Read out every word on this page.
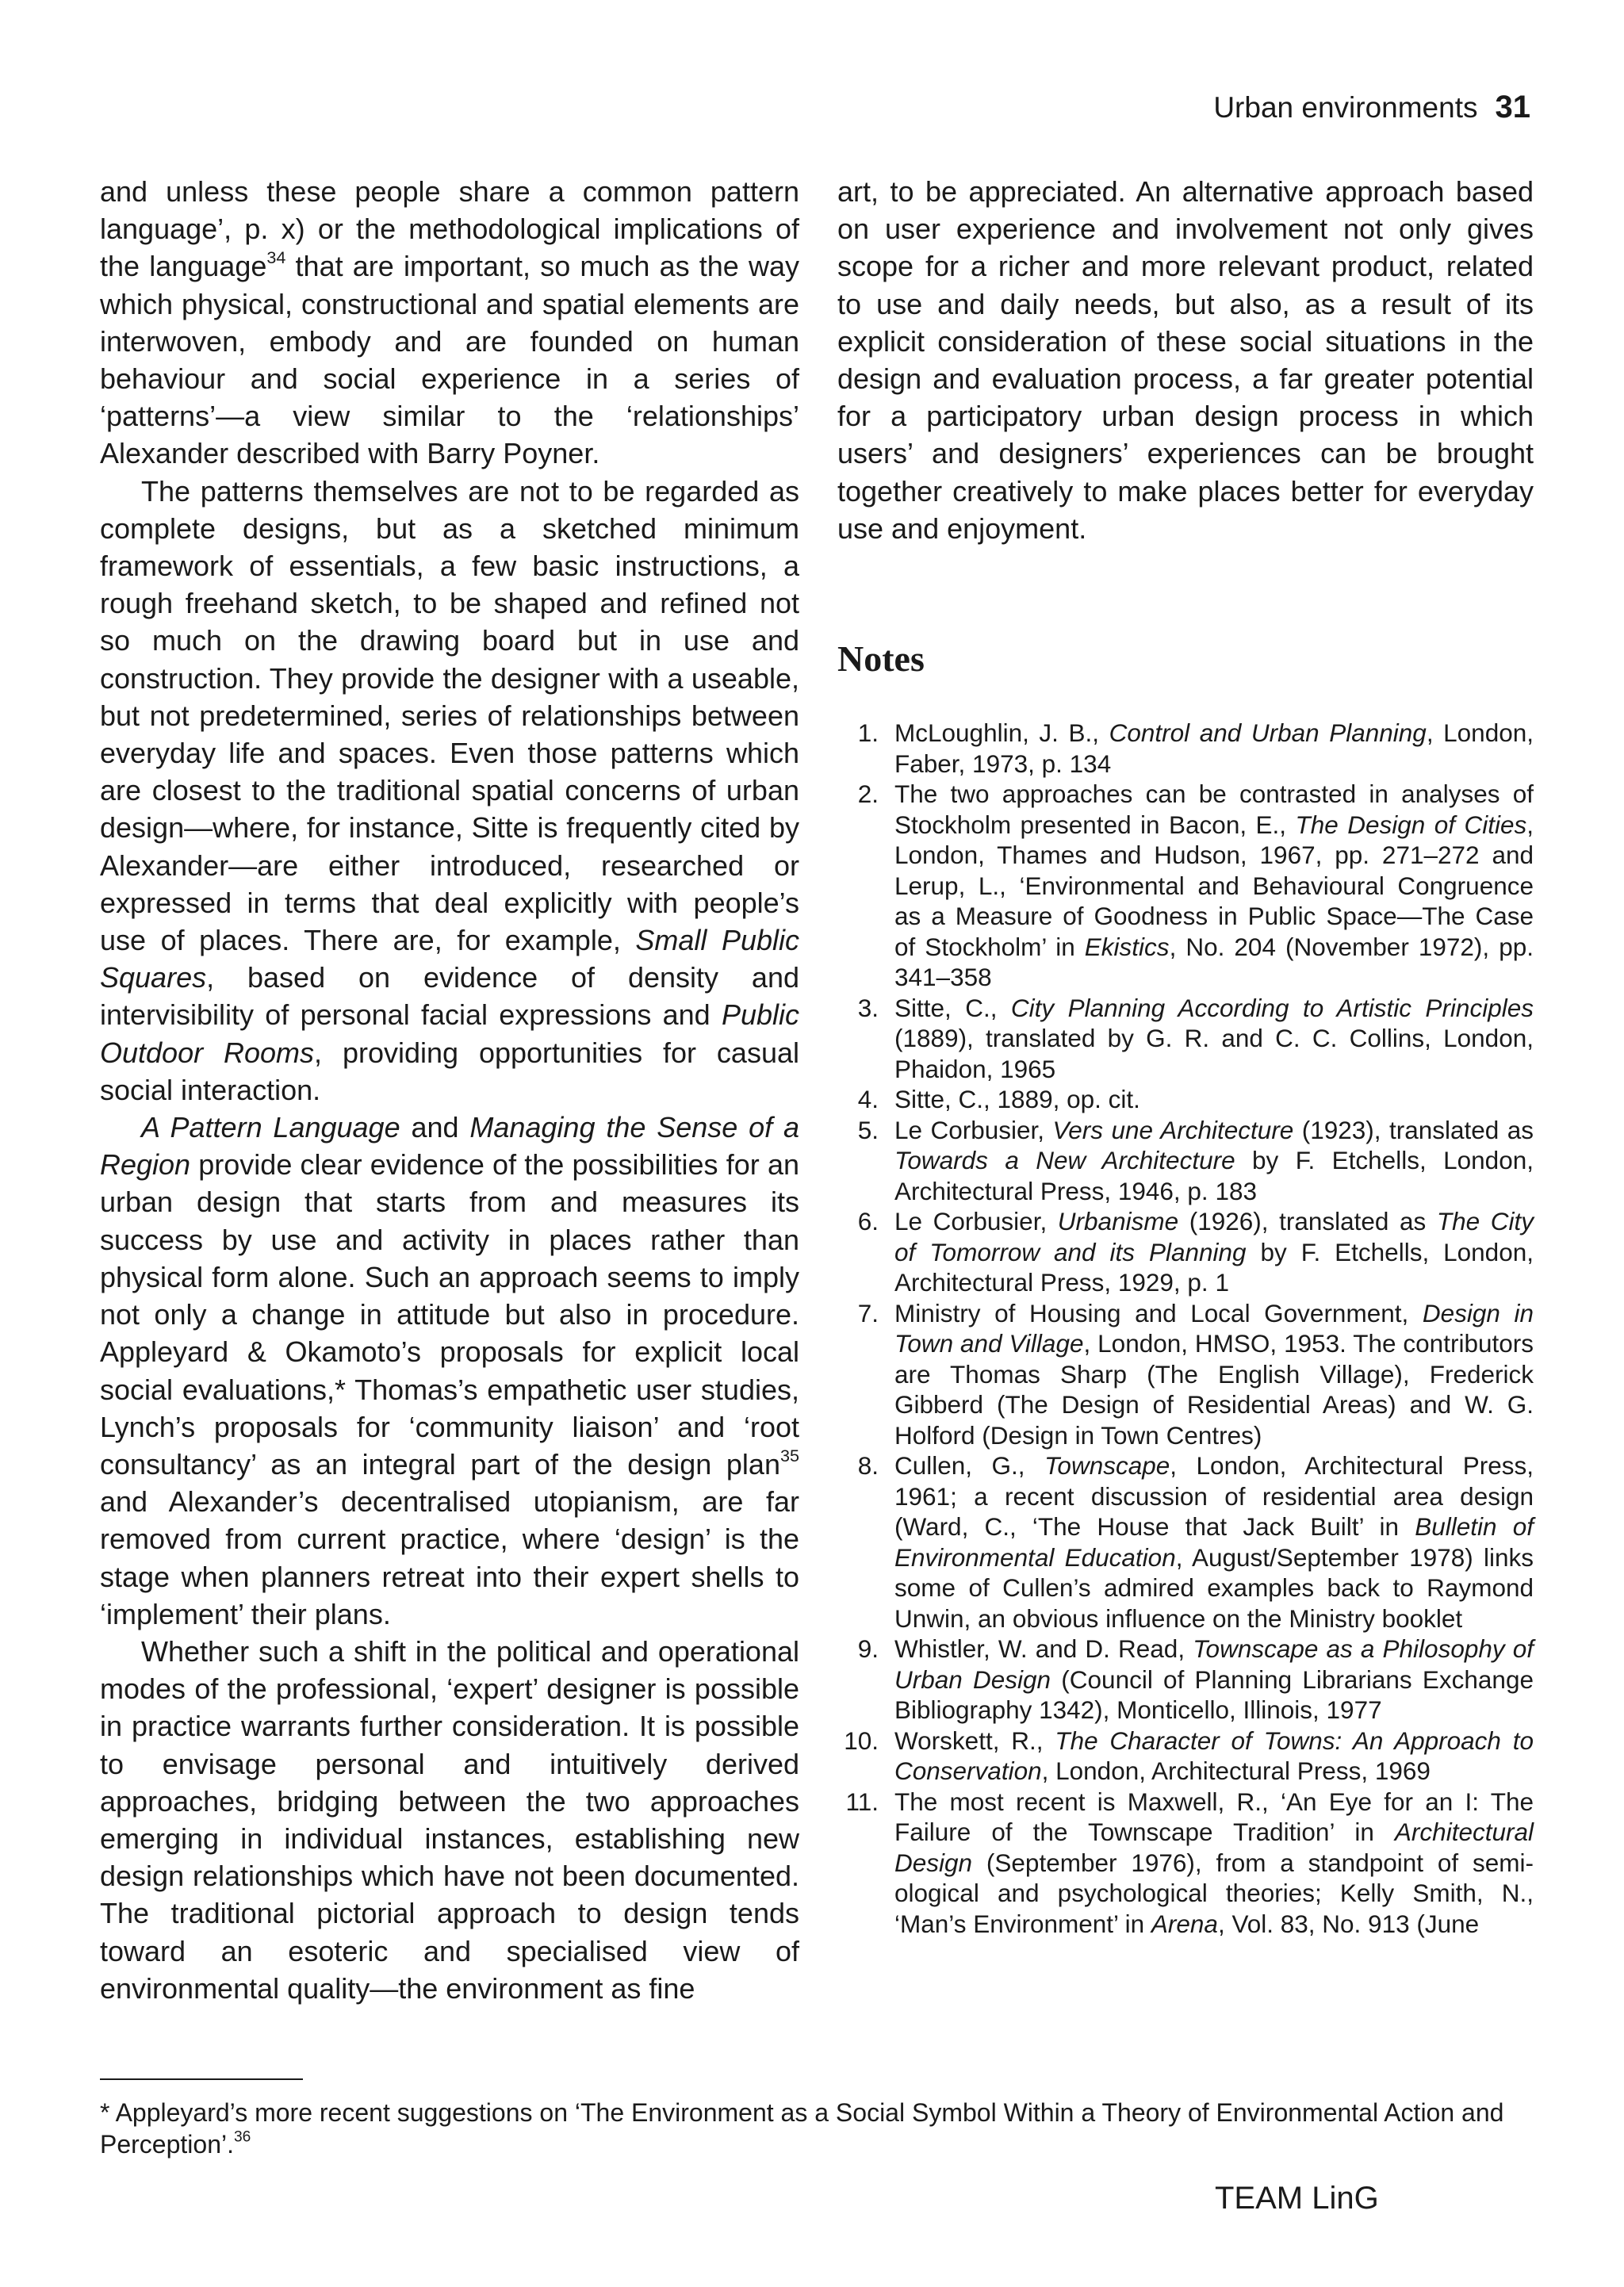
Urban environments 31

and unless these people share a common pattern language’, p. x) or the methodological implications of the language$^{34}$ that are important, so much as the way which physical, constructional and spatial elements are interwoven, embody and are founded on human behaviour and social experience in a series of ‘patterns’—a view similar to the ‘relationships’ Alexander described with Barry Poyner.

The patterns themselves are not to be regarded as complete designs, but as a sketched minimum framework of essentials, a few basic instructions, a rough freehand sketch, to be shaped and refined not so much on the drawing board but in use and construction. They provide the designer with a useable, but not predetermined, series of relationships between everyday life and spaces. Even those patterns which are closest to the traditional spatial concerns of urban design—where, for instance, Sitte is frequently cited by Alexander—are either introduced, researched or expressed in terms that deal explicitly with people’s use of places. There are, for example, Small Public Squares, based on evidence of density and intervisibility of personal facial expressions and Public Outdoor Rooms, providing opportunities for casual social interaction.

A Pattern Language and Managing the Sense of a Region provide clear evidence of the possibilities for an urban design that starts from and measures its success by use and activity in places rather than physical form alone. Such an approach seems to imply not only a change in attitude but also in procedure. Appleyard & Okamoto’s proposals for explicit local social evaluations,* Thomas’s empathetic user studies, Lynch’s proposals for ‘community liaison’ and ‘root consultancy’ as an integral part of the design plan$^{35}$ and Alexander’s decentralised utopianism, are far removed from current practice, where ‘design’ is the stage when planners retreat into their expert shells to ‘implement’ their plans.

Whether such a shift in the political and operational modes of the professional, ‘expert’ designer is possible in practice warrants further consideration. It is possible to envisage personal and intuitively derived approaches, bridging between the two approaches emerging in individual instances, establishing new design relationships which have not been documented. The traditional pictorial approach to design tends toward an esoteric and specialised view of environmental quality—the environment as fine

art, to be appreciated. An alternative approach based on user experience and involvement not only gives scope for a richer and more relevant product, related to use and daily needs, but also, as a result of its explicit consideration of these social situations in the design and evaluation process, a far greater potential for a participatory urban design process in which users’ and designers’ experiences can be brought together creatively to make places better for everyday use and enjoyment.

Notes
1. McLoughlin, J. B., Control and Urban Planning, London, Faber, 1973, p. 134
2. The two approaches can be contrasted in analyses of Stockholm presented in Bacon, E., The Design of Cities, London, Thames and Hudson, 1967, pp. 271–272 and Lerup, L., ‘Environmental and Behavioural Congruence as a Measure of Goodness in Public Space—The Case of Stockholm’ in Ekistics, No. 204 (November 1972), pp. 341–358
3. Sitte, C., City Planning According to Artistic Principles (1889), translated by G. R. and C. C. Collins, London, Phaidon, 1965
4. Sitte, C., 1889, op. cit.
5. Le Corbusier, Vers une Architecture (1923), translated as Towards a New Architecture by F. Etchells, London, Architectural Press, 1946, p. 183
6. Le Corbusier, Urbanisme (1926), translated as The City of Tomorrow and its Planning by F. Etchells, London, Architectural Press, 1929, p. 1
7. Ministry of Housing and Local Government, Design in Town and Village, London, HMSO, 1953. The contributors are Thomas Sharp (The English Village), Frederick Gibberd (The Design of Residential Areas) and W. G. Holford (Design in Town Centres)
8. Cullen, G., Townscape, London, Architectural Press, 1961; a recent discussion of residential area design (Ward, C., ‘The House that Jack Built’ in Bulletin of Environmental Education, August/September 1978) links some of Cullen’s admired examples back to Raymond Unwin, an obvious influence on the Ministry booklet
9. Whistler, W. and D. Read, Townscape as a Philosophy of Urban Design (Council of Planning Librarians Exchange Bibliography 1342), Monticello, Illinois, 1977
10. Worskett, R., The Character of Towns: An Approach to Conservation, London, Architectural Press, 1969
11. The most recent is Maxwell, R., ‘An Eye for an I: The Failure of the Townscape Tradition’ in Architectural Design (September 1976), from a standpoint of semiological and psychological theories; Kelly Smith, N., ‘Man’s Environment’ in Arena, Vol. 83, No. 913 (June

* Appleyard’s more recent suggestions on ‘The Environment as a Social Symbol Within a Theory of Environmental Action and Perception’.$^{36}$

TEAM LinG
